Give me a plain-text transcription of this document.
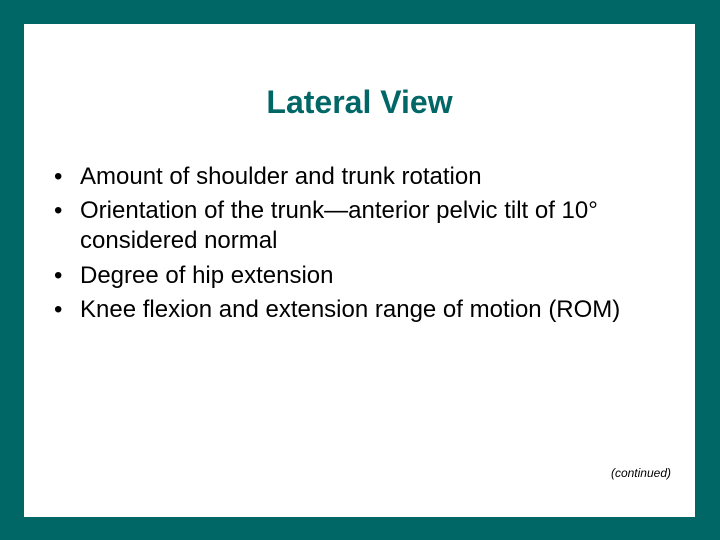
Lateral View
• Amount of shoulder and trunk rotation
• Orientation of the trunk—anterior pelvic tilt of 10° considered normal
• Degree of hip extension
• Knee flexion and extension range of motion (ROM)
(continued)
